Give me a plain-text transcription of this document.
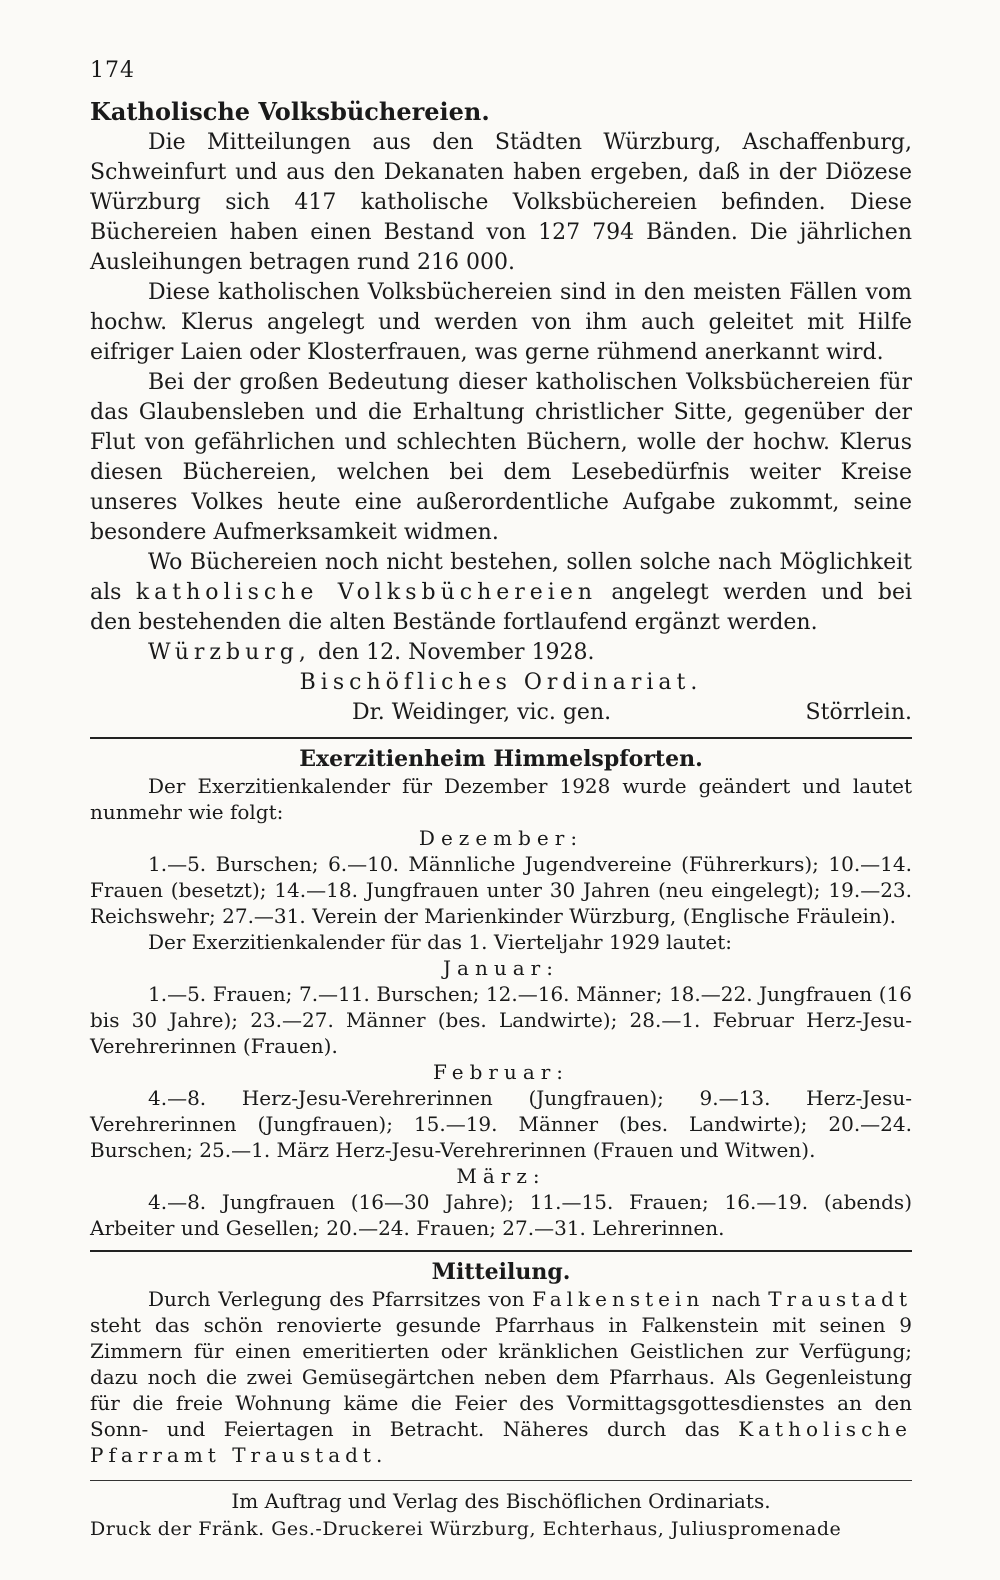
174
Katholische Volksbüchereien.

Die Mitteilungen aus den Städten Würzburg, Aschaffenburg, Schweinfurt und aus den Dekanaten haben ergeben, daß in der Diözese Würzburg sich 417 katholische Volksbüchereien befinden. Diese Büchereien haben einen Bestand von 127 794 Bänden. Die jährlichen Ausleihungen betragen rund 216 000.

Diese katholischen Volksbüchereien sind in den meisten Fällen vom hochw. Klerus angelegt und werden von ihm auch geleitet mit Hilfe eifriger Laien oder Klosterfrauen, was gerne rühmend anerkannt wird.

Bei der großen Bedeutung dieser katholischen Volksbüchereien für das Glaubensleben und die Erhaltung christlicher Sitte, gegenüber der Flut von gefährlichen und schlechten Büchern, wolle der hochw. Klerus diesen Büchereien, welchen bei dem Lesebedürfnis weiter Kreise unseres Volkes heute eine außerordentliche Aufgabe zukommt, seine besondere Aufmerksamkeit widmen.

Wo Büchereien noch nicht bestehen, sollen solche nach Möglichkeit als katholische Volksbüchereien angelegt werden und bei den bestehenden die alten Bestände fortlaufend ergänzt werden.

Würzburg, den 12. November 1928.
Bischöfliches Ordinariat.
Dr. Weidinger, vic. gen.	Störrlein.
Exerzitienheim Himmelspforten.

Der Exerzitienkalender für Dezember 1928 wurde geändert und lautet nunmehr wie folgt:

Dezember:

1.—5. Burschen; 6.—10. Männliche Jugendvereine (Führerkurs); 10.—14. Frauen (besetzt); 14.—18. Jungfrauen unter 30 Jahren (neu eingelegt); 19.—23. Reichswehr; 27.—31. Verein der Marienkinder Würzburg, (Englische Fräulein).

Der Exerzitienkalender für das 1. Vierteljahr 1929 lautet:

Januar:

1.—5. Frauen; 7.—11. Burschen; 12.—16. Männer; 18.—22. Jungfrauen (16 bis 30 Jahre); 23.—27. Männer (bes. Landwirte); 28.—1. Februar Herz-Jesu-Verehrerinnen (Frauen).

Februar:

4.—8. Herz-Jesu-Verehrerinnen (Jungfrauen); 9.—13. Herz-Jesu-Verehrerinnen (Jungfrauen); 15.—19. Männer (bes. Landwirte); 20.—24. Burschen; 25.—1. März Herz-Jesu-Verehrerinnen (Frauen und Witwen).

März:

4.—8. Jungfrauen (16—30 Jahre); 11.—15. Frauen; 16.—19. (abends) Arbeiter und Gesellen; 20.—24. Frauen; 27.—31. Lehrerinnen.

Mitteilung.

Durch Verlegung des Pfarrsitzes von Falkenstein nach Traustadt steht das schön renovierte gesunde Pfarrhaus in Falkenstein mit seinen 9 Zimmern für einen emeritierten oder kränklichen Geistlichen zur Verfügung; dazu noch die zwei Gemüsegärtchen neben dem Pfarrhaus. Als Gegenleistung für die freie Wohnung käme die Feier des Vormittagsgottesdienstes an den Sonn- und Feiertagen in Betracht. Näheres durch das Katholische Pfarramt Traustadt.

Im Auftrag und Verlag des Bischöflichen Ordinariats.
Druck der Fränk. Ges.-Druckerei Würzburg, Echterhaus, Juliuspromenade
